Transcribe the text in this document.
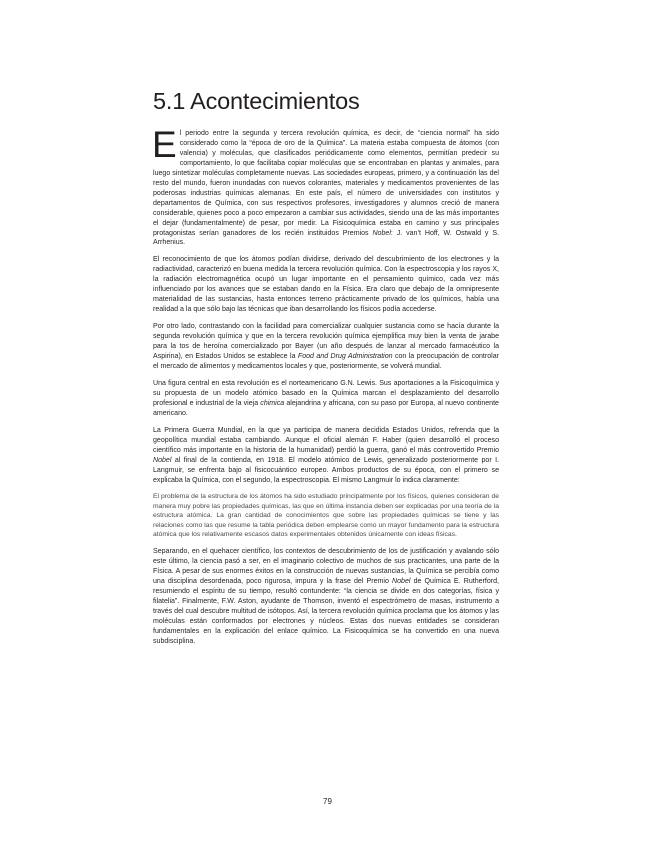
5.1 Acontecimientos

El periodo entre la segunda y tercera revolución química, es decir, de “ciencia normal” ha sido considerado como la “época de oro de la Química”. La materia estaba compuesta de átomos (con valencia) y moléculas, que clasificados periódicamente como elementos, permitían predecir su comportamiento, lo que facilitaba copiar moléculas que se encontraban en plantas y animales, para luego sintetizar moléculas completamente nuevas. Las sociedades europeas, primero, y a continuación las del resto del mundo, fueron inundadas con nuevos colorantes, materiales y medicamentos provenientes de las poderosas industrias químicas alemanas. En este país, el número de universidades con institutos y departamentos de Química, con sus respectivos profesores, investigadores y alumnos creció de manera considerable, quienes poco a poco empezaron a cambiar sus actividades, siendo una de las más importantes el dejar (fundamentalmente) de pesar, por medir. La Fisicoquímica estaba en camino y sus principales protagonistas serían ganadores de los recién instituidos Premios Nobel: J. van’t Hoff, W. Ostwald y S. Arrhenius.

El reconocimiento de que los átomos podían dividirse, derivado del descubrimiento de los electrones y la radiactividad, caracterizó en buena medida la tercera revolución química. Con la espectroscopia y los rayos X, la radiación electromagnética ocupó un lugar importante en el pensamiento químico, cada vez más influenciado por los avances que se estaban dando en la Física. Era claro que debajo de la omnipresente materialidad de las sustancias, hasta entonces terreno prácticamente privado de los químicos, había una realidad a la que sólo bajo las técnicas que iban desarrollando los físicos podía accederse.

Por otro lado, contrastando con la facilidad para comercializar cualquier sustancia como se hacía durante la segunda revolución química y que en la tercera revolución química ejemplifica muy bien la venta de jarabe para la tos de heroína comercializado por Bayer (un año después de lanzar al mercado farmacéutico la Aspirina), en Estados Unidos se establece la Food and Drug Administration con la preocupación de controlar el mercado de alimentos y medicamentos locales y que, posteriormente, se volverá mundial.

Una figura central en esta revolución es el norteamericano G.N. Lewis. Sus aportaciones a la Fisicoquímica y su propuesta de un modelo atómico basado en la Química marcan el desplazamiento del desarrollo profesional e industrial de la vieja chimica alejandrina y africana, con su paso por Europa, al nuevo continente americano.

La Primera Guerra Mundial, en la que ya participa de manera decidida Estados Unidos, refrenda que la geopolítica mundial estaba cambiando. Aunque el oficial alemán F. Haber (quien desarrolló el proceso científico más importante en la historia de la humanidad) perdió la guerra, ganó el más controvertido Premio Nobel al final de la contienda, en 1918. El modelo atómico de Lewis, generalizado posteriormente por I. Langmuir, se enfrenta bajo al fisicocuántico europeo. Ambos productos de su época, con el primero se explicaba la Química, con el segundo, la espectroscopia. El mismo Langmuir lo indica claramente:

El problema de la estructura de los átomos ha sido estudiado principalmente por los físicos, quienes consideran de manera muy pobre las propiedades químicas, las que en última instancia deben ser explicadas por una teoría de la estructura atómica. La gran cantidad de conocimientos que sobre las propiedades químicas se tiene y las relaciones como las que resume la tabla periódica deben emplearse como un mayor fundamento para la estructura atómica que los relativamente escasos datos experimentales obtenidos únicamente con ideas físicas.

Separando, en el quehacer científico, los contextos de descubrimiento de los de justificación y avalando sólo este último, la ciencia pasó a ser, en el imaginario colectivo de muchos de sus practicantes, una parte de la Física. A pesar de sus enormes éxitos en la construcción de nuevas sustancias, la Química se percibía como una disciplina desordenada, poco rigurosa, impura y la frase del Premio Nobel de Química E. Rutherford, resumiendo el espíritu de su tiempo, resultó contundente: “la ciencia se divide en dos categorías, física y filatelia”. Finalmente, F.W. Aston, ayudante de Thomson, inventó el espectrómetro de masas, instrumento a través del cual descubre multitud de isótopos. Así, la tercera revolución química proclama que los átomos y las moléculas están conformados por electrones y núcleos. Estas dos nuevas entidades se consideran fundamentales en la explicación del enlace químico. La Fisicoquímica se ha convertido en una nueva subdisciplina.

79
